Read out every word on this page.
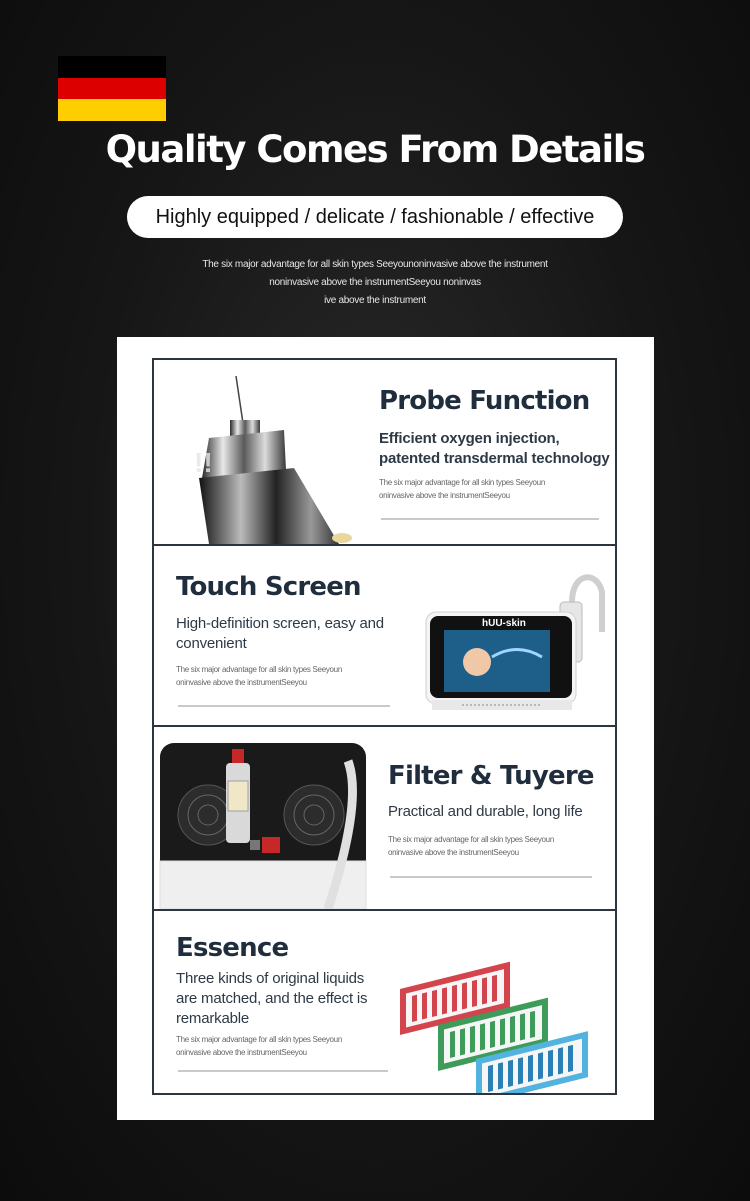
Quality Comes From Details
Highly equipped / delicate / fashionable / effective
The six major advantage for all skin types Seeyounoninvasive above the instrument
noninvasive above the instrumentSeeyou noninvas
ive above the instrument
!!
Probe Function
Efficient oxygen injection,
patented transdermal technology
The six major advantage for all skin types Seeyoun
oninvasive above the instrumentSeeyou
Touch Screen
High-definition screen, easy and
convenient
The six major advantage for all skin types Seeyoun
oninvasive above the instrumentSeeyou
hUU-skin
Filter & Tuyere
Practical and durable, long life
The six major advantage for all skin types Seeyoun
oninvasive above the instrumentSeeyou
Essence
Three kinds of original liquids
are matched, and the effect is
remarkable
The six major advantage for all skin types Seeyoun
oninvasive above the instrumentSeeyou
